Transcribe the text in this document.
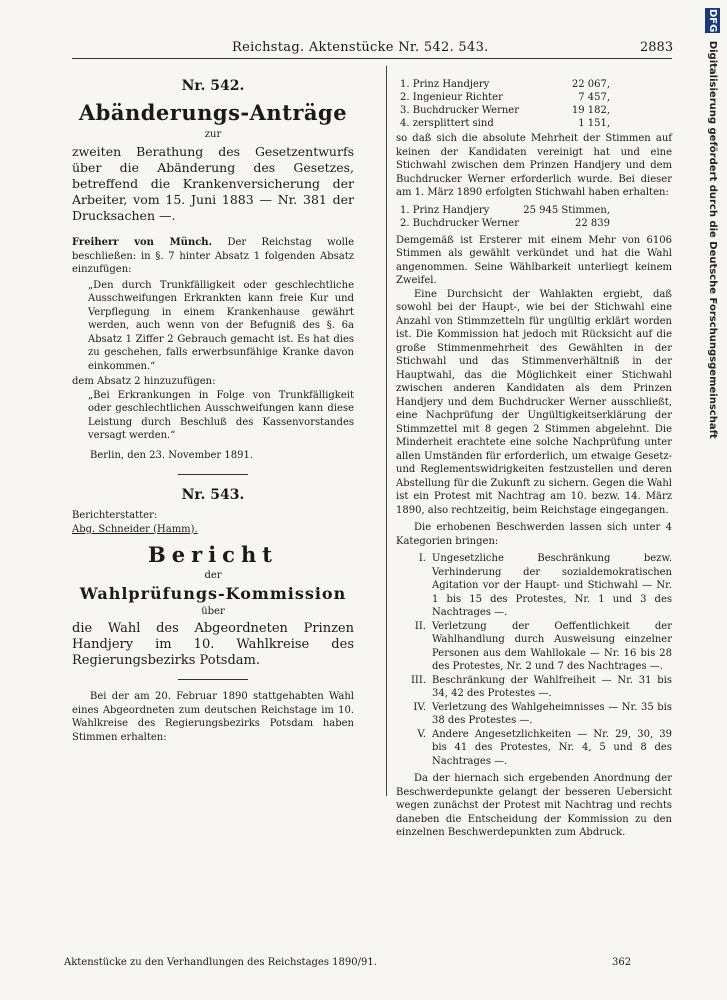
Reichstag. Aktenstücke Nr. 542. 543.	2883
DFG Digitalisierung gefördert durch die Deutsche Forschungsgemeinschaft
Nr. 542.
Abänderungs-Anträge
zur
zweiten Berathung des Gesetzentwurfs über die Abänderung des Gesetzes, betreffend die Krankenversicherung der Arbeiter, vom 15. Juni 1883 — Nr. 381 der Drucksachen —.
Freiherr von Münch. Der Reichstag wolle beschließen: in §. 7 hinter Absatz 1 folgenden Absatz einzufügen:
„Den durch Trunkfälligkeit oder geschlechtliche Ausschweifungen Erkrankten kann freie Kur und Verpflegung in einem Krankenhause gewährt werden, auch wenn von der Befugniß des §. 6a Absatz 1 Ziffer 2 Gebrauch gemacht ist. Es hat dies zu geschehen, falls erwerbsunfähige Kranke davon einkommen.“
dem Absatz 2 hinzuzufügen:
„Bei Erkrankungen in Folge von Trunkfälligkeit oder geschlechtlichen Ausschweifungen kann diese Leistung durch Beschluß des Kassenvorstandes versagt werden.“
Berlin, den 23. November 1891.
Nr. 543.
Berichterstatter:
Abg. Schneider (Hamm).
Bericht
der
Wahlprüfungs-Kommission
über
die Wahl des Abgeordneten Prinzen Handjery im 10. Wahlkreise des Regierungsbezirks Potsdam.
Bei der am 20. Februar 1890 stattgehabten Wahl eines Abgeordneten zum deutschen Reichstage im 10. Wahlkreise des Regierungsbezirks Potsdam haben Stimmen erhalten:
1. Prinz Handjery	22 067,
2. Ingenieur Richter	7 457,
3. Buchdrucker Werner	19 182,
4. zersplittert sind	1 151,
so daß sich die absolute Mehrheit der Stimmen auf keinen der Kandidaten vereinigt hat und eine Stichwahl zwischen dem Prinzen Handjery und dem Buchdrucker Werner erforderlich wurde. Bei dieser am 1. März 1890 erfolgten Stichwahl haben erhalten:
1. Prinz Handjery	25 945 Stimmen,
2. Buchdrucker Werner	22 839
Demgemäß ist Ersterer mit einem Mehr von 6106 Stimmen als gewählt verkündet und hat die Wahl angenommen. Seine Wählbarkeit unterliegt keinem Zweifel.
Eine Durchsicht der Wahlakten ergiebt, daß sowohl bei der Haupt-, wie bei der Stichwahl eine Anzahl von Stimmzetteln für ungültig erklärt worden ist. Die Kommission hat jedoch mit Rücksicht auf die große Stimmenmehrheit des Gewählten in der Stichwahl und das Stimmenverhältniß in der Hauptwahl, das die Möglichkeit einer Stichwahl zwischen anderen Kandidaten als dem Prinzen Handjery und dem Buchdrucker Werner ausschließt, eine Nachprüfung der Ungültigkeitserklärung der Stimmzettel mit 8 gegen 2 Stimmen abgelehnt. Die Minderheit erachtete eine solche Nachprüfung unter allen Umständen für erforderlich, um etwaige Gesetz- und Reglementswidrigkeiten festzustellen und deren Abstellung für die Zukunft zu sichern. Gegen die Wahl ist ein Protest mit Nachtrag am 10. bezw. 14. März 1890, also rechtzeitig, beim Reichstage eingegangen.
Die erhobenen Beschwerden lassen sich unter 4 Kategorien bringen:
I. Ungesetzliche Beschränkung bezw. Verhinderung der sozialdemokratischen Agitation vor der Haupt- und Stichwahl — Nr. 1 bis 15 des Protestes, Nr. 1 und 3 des Nachtrages —.
II. Verletzung der Oeffentlichkeit der Wahlhandlung durch Ausweisung einzelner Personen aus dem Wahllokale — Nr. 16 bis 28 des Protestes, Nr. 2 und 7 des Nachtrages —.
III. Beschränkung der Wahlfreiheit — Nr. 31 bis 34, 42 des Protestes —.
IV. Verletzung des Wahlgeheimnisses — Nr. 35 bis 38 des Protestes —.
V. Andere Angesetzlichkeiten — Nr. 29, 30, 39 bis 41 des Protestes, Nr. 4, 5 und 8 des Nachtrages —.
Da der hiernach sich ergebenden Anordnung der Beschwerdepunkte gelangt der besseren Uebersicht wegen zunächst der Protest mit Nachtrag und rechts daneben die Entscheidung der Kommission zu den einzelnen Beschwerdepunkten zum Abdruck.
Aktenstücke zu den Verhandlungen des Reichstages 1890/91.	362
